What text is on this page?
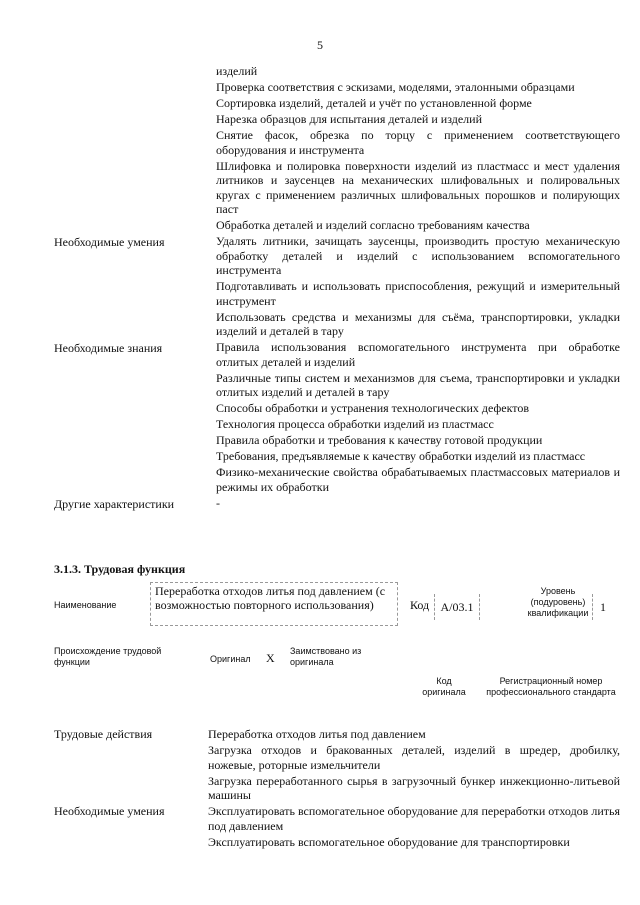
5
изделий
Проверка соответствия с эскизами, моделями, эталонными образцами
Сортировка изделий, деталей и учёт по установленной форме
Нарезка образцов для испытания деталей и изделий
Снятие фасок, обрезка по торцу с применением соответствующего оборудования и инструмента
Шлифовка и полировка поверхности изделий из пластмасс и мест удаления литников и заусенцев на механических шлифовальных и полировальных кругах с применением различных шлифовальных порошков и полирующих паст
Обработка деталей и изделий согласно требованиям качества
Необходимые умения	Удалять литники, зачищать заусенцы, производить простую механическую обработку деталей и изделий с использованием вспомогательного инструмента
Подготавливать и использовать приспособления, режущий и измерительный инструмент
Использовать средства и механизмы для съёма, транспортировки, укладки изделий и деталей в тару
Необходимые знания	Правила использования вспомогательного инструмента при обработке отлитых деталей и изделий
Различные типы систем и механизмов для съема, транспортировки и укладки отлитых изделий и деталей в тару
Способы обработки и устранения технологических дефектов
Технология процесса обработки изделий из пластмасс
Правила обработки и требования к качеству готовой продукции
Требования, предъявляемые к качеству обработки изделий из пластмасс
Физико-механические свойства обрабатываемых пластмассовых материалов и режимы их обработки
Другие характеристики	-
3.1.3. Трудовая функция
Наименование
Переработка отходов литья под давлением (с возможностью повторного использования)	Код A/03.1
Уровень (подуровень) квалификации 1
Происхождение трудовой функции	Оригинал X Заимствовано из оригинала
Код оригинала
Регистрационный номер профессионального стандарта
Трудовые действия	Переработка отходов литья под давлением
Загрузка отходов и бракованных деталей, изделий в шредер, дробилку, ножевые, роторные измельчители
Загрузка переработанного сырья в загрузочный бункер инжекционно-литьевой машины
Необходимые умения	Эксплуатировать вспомогательное оборудование для переработки отходов литья под давлением
Эксплуатировать вспомогательное оборудование для транспортировки
